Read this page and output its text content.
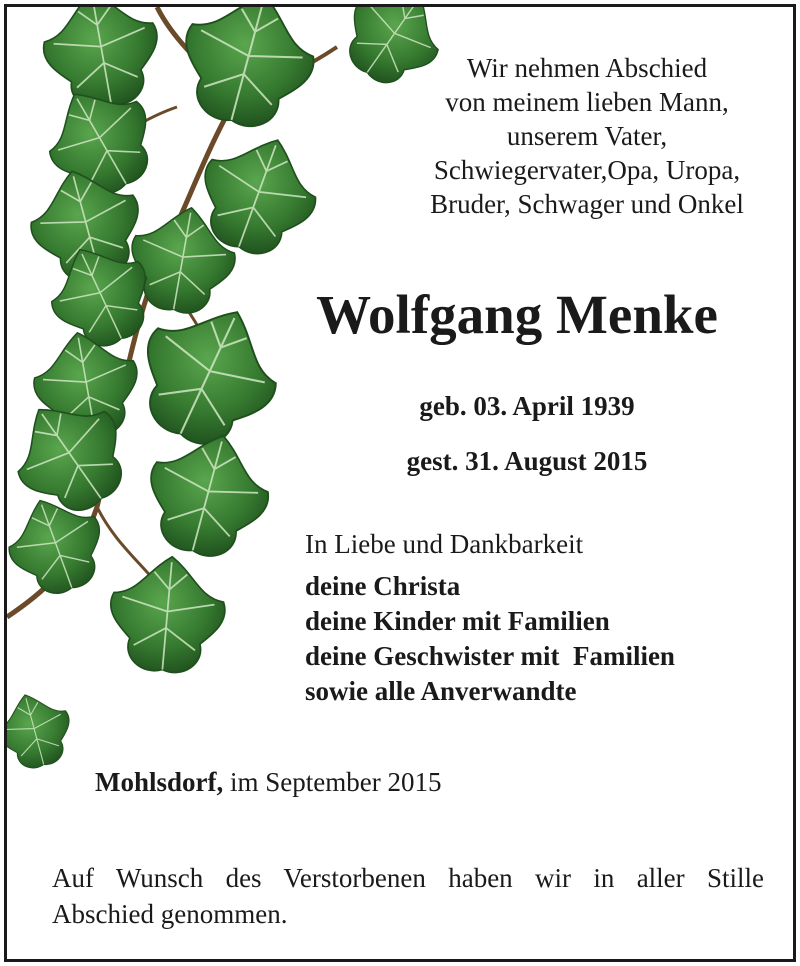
Wir nehmen Abschied
von meinem lieben Mann,
unserem Vater,
Schwiegervater,Opa, Uropa,
Bruder, Schwager und Onkel
Wolfgang Menke
geb. 03. April 1939
gest. 31. August 2015
In Liebe und Dankbarkeit
deine Christa
deine Kinder mit Familien
deine Geschwister mit  Familien
sowie alle Anverwandte
Mohlsdorf, im September 2015
Auf Wunsch des Verstorbenen haben wir in aller Stille
Abschied genommen.
